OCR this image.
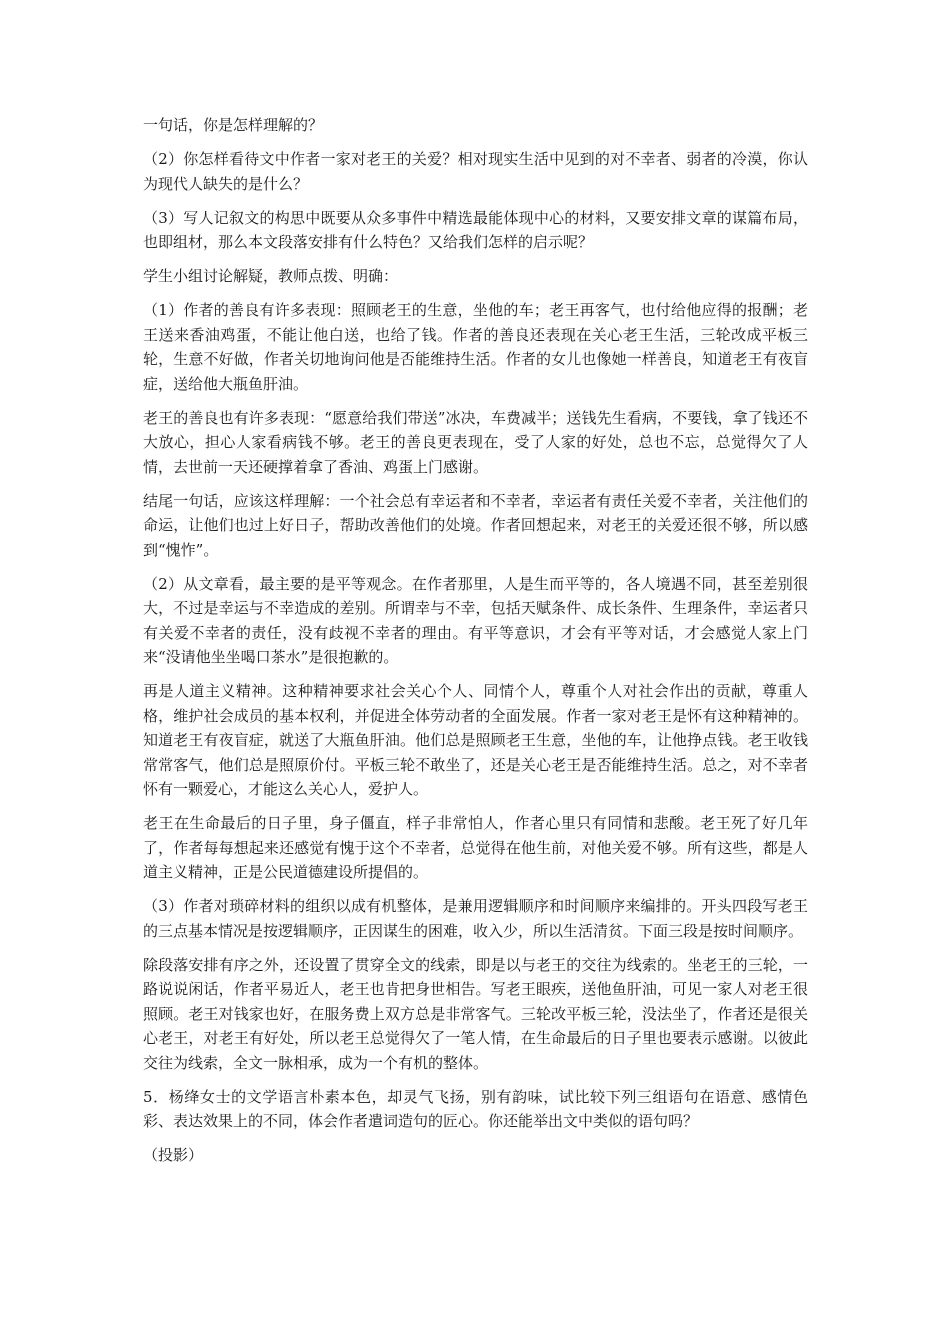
一句话，你是怎样理解的？

（2）你怎样看待文中作者一家对老王的关爱？相对现实生活中见到的对不幸者、弱者的冷漠，你认为现代人缺失的是什么？

（3）写人记叙文的构思中既要从众多事件中精选最能体现中心的材料，又要安排文章的谋篇布局，也即组材，那么本文段落安排有什么特色？又给我们怎样的启示呢？

学生小组讨论解疑，教师点拨、明确：

（1）作者的善良有许多表现：照顾老王的生意，坐他的车；老王再客气，也付给他应得的报酬；老王送来香油鸡蛋，不能让他白送，也给了钱。作者的善良还表现在关心老王生活，三轮改成平板三轮，生意不好做，作者关切地询问他是否能维持生活。作者的女儿也像她一样善良，知道老王有夜盲症，送给他大瓶鱼肝油。

老王的善良也有许多表现：“愿意给我们带送”冰决，车费减半；送钱先生看病，不要钱，拿了钱还不大放心，担心人家看病钱不够。老王的善良更表现在，受了人家的好处，总也不忘，总觉得欠了人情，去世前一天还硬撑着拿了香油、鸡蛋上门感谢。

结尾一句话，应该这样理解：一个社会总有幸运者和不幸者，幸运者有责任关爱不幸者，关注他们的命运，让他们也过上好日子，帮助改善他们的处境。作者回想起来，对老王的关爱还很不够，所以感到“愧怍”。

（2）从文章看，最主要的是平等观念。在作者那里，人是生而平等的，各人境遇不同，甚至差别很大，不过是幸运与不幸造成的差别。所谓幸与不幸，包括天赋条件、成长条件、生理条件，幸运者只有关爱不幸者的责任，没有歧视不幸者的理由。有平等意识，才会有平等对话，才会感觉人家上门来“没请他坐坐喝口茶水”是很抱歉的。

再是人道主义精神。这种精神要求社会关心个人、同情个人，尊重个人对社会作出的贡献，尊重人格，维护社会成员的基本权利，并促进全体劳动者的全面发展。作者一家对老王是怀有这种精神的。知道老王有夜盲症，就送了大瓶鱼肝油。他们总是照顾老王生意，坐他的车，让他挣点钱。老王收钱常常客气，他们总是照原价付。平板三轮不敢坐了，还是关心老王是否能维持生活。总之，对不幸者怀有一颗爱心，才能这么关心人，爱护人。

老王在生命最后的日子里，身子僵直，样子非常怕人，作者心里只有同情和悲酸。老王死了好几年了，作者每每想起来还感觉有愧于这个不幸者，总觉得在他生前，对他关爱不够。所有这些，都是人道主义精神，正是公民道德建设所提倡的。

（3）作者对琐碎材料的组织以成有机整体，是兼用逻辑顺序和时间顺序来编排的。开头四段写老王的三点基本情况是按逻辑顺序，正因谋生的困难，收入少，所以生活清贫。下面三段是按时间顺序。

除段落安排有序之外，还设置了贯穿全文的线索，即是以与老王的交往为线索的。坐老王的三轮，一路说说闲话，作者平易近人，老王也肯把身世相告。写老王眼疾，送他鱼肝油，可见一家人对老王很照顾。老王对钱家也好，在服务费上双方总是非常客气。三轮改平板三轮，没法坐了，作者还是很关心老王，对老王有好处，所以老王总觉得欠了一笔人情，在生命最后的日子里也要表示感谢。以彼此交往为线索，全文一脉相承，成为一个有机的整体。

5．杨绛女士的文学语言朴素本色，却灵气飞扬，别有韵味，试比较下列三组语句在语意、感情色彩、表达效果上的不同，体会作者遣词造句的匠心。你还能举出文中类似的语句吗？

（投影）
